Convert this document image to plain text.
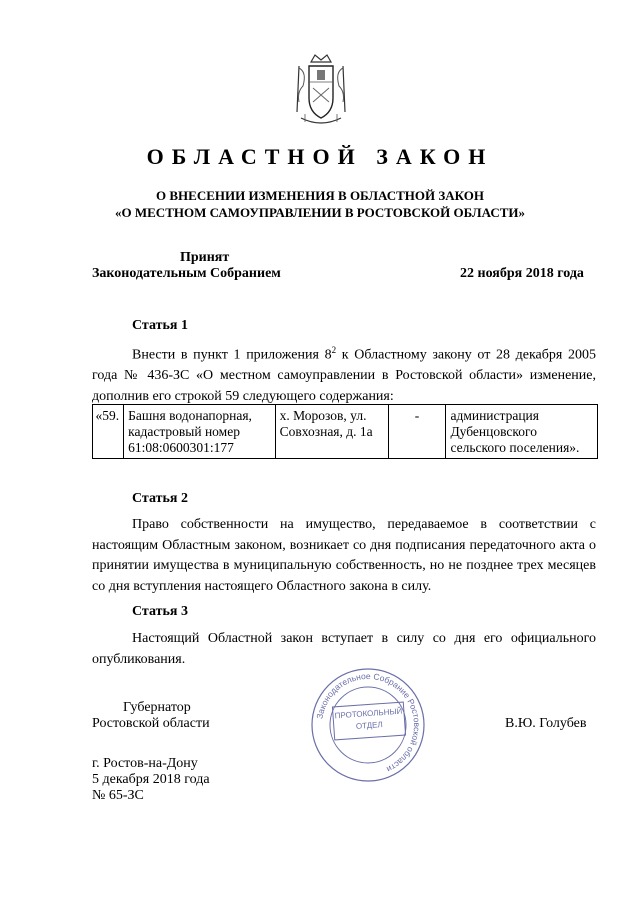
ОБЛАСТНОЙ ЗАКОН
О ВНЕСЕНИИ ИЗМЕНЕНИЯ В ОБЛАСТНОЙ ЗАКОН
«О МЕСТНОМ САМОУПРАВЛЕНИИ В РОСТОВСКОЙ ОБЛАСТИ»
Принят
Законодательным Собранием	22 ноября 2018 года
Статья 1
Внести в пункт 1 приложения $8^2$ к Областному закону от 28 декабря 2005 года № 436-ЗС «О местном самоуправлении в Ростовской области» изменение, дополнив его строкой 59 следующего содержания:
«59.	Башня водонапорная, кадастровый номер 61:08:0600301:177	х. Морозов, ул. Совхозная, д. 1а	-	администрация Дубенцовского сельского поселения».
Статья 2
Право собственности на имущество, передаваемое в соответствии с настоящим Областным законом, возникает со дня подписания передаточного акта о принятии имущества в муниципальную собственность, но не позднее трех месяцев со дня вступления настоящего Областного закона в силу.
Статья 3
Настоящий Областной закон вступает в силу со дня его официального опубликования.
Губернатор
Ростовской области	В.Ю. Голубев
Законодательное Собрание Ростовской области
ПРОТОКОЛЬНЫЙ
ОТДЕЛ
г. Ростов-на-Дону
5 декабря 2018 года
№ 65-ЗС
